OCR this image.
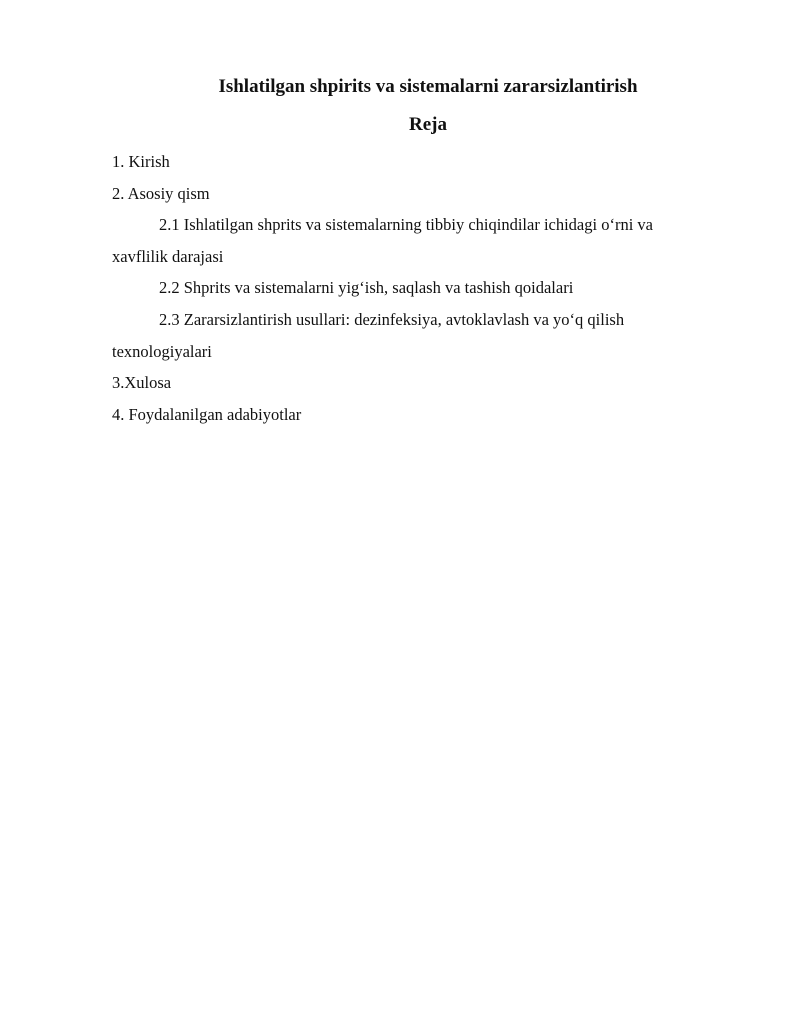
Ishlatilgan shpirits va sistemalarni zararsizlantirish
Reja
1. Kirish
2. Asosiy qism
2.1 Ishlatilgan shprits va sistemalarning tibbiy chiqindilar ichidagi o‘rni va xavflilik darajasi
2.2 Shprits va sistemalarni yig‘ish, saqlash va tashish qoidalari
2.3 Zararsizlantirish usullari: dezinfeksiya, avtoklavlash va yo‘q qilish texnologiyalari
3.Xulosa
4. Foydalanilgan adabiyotlar
